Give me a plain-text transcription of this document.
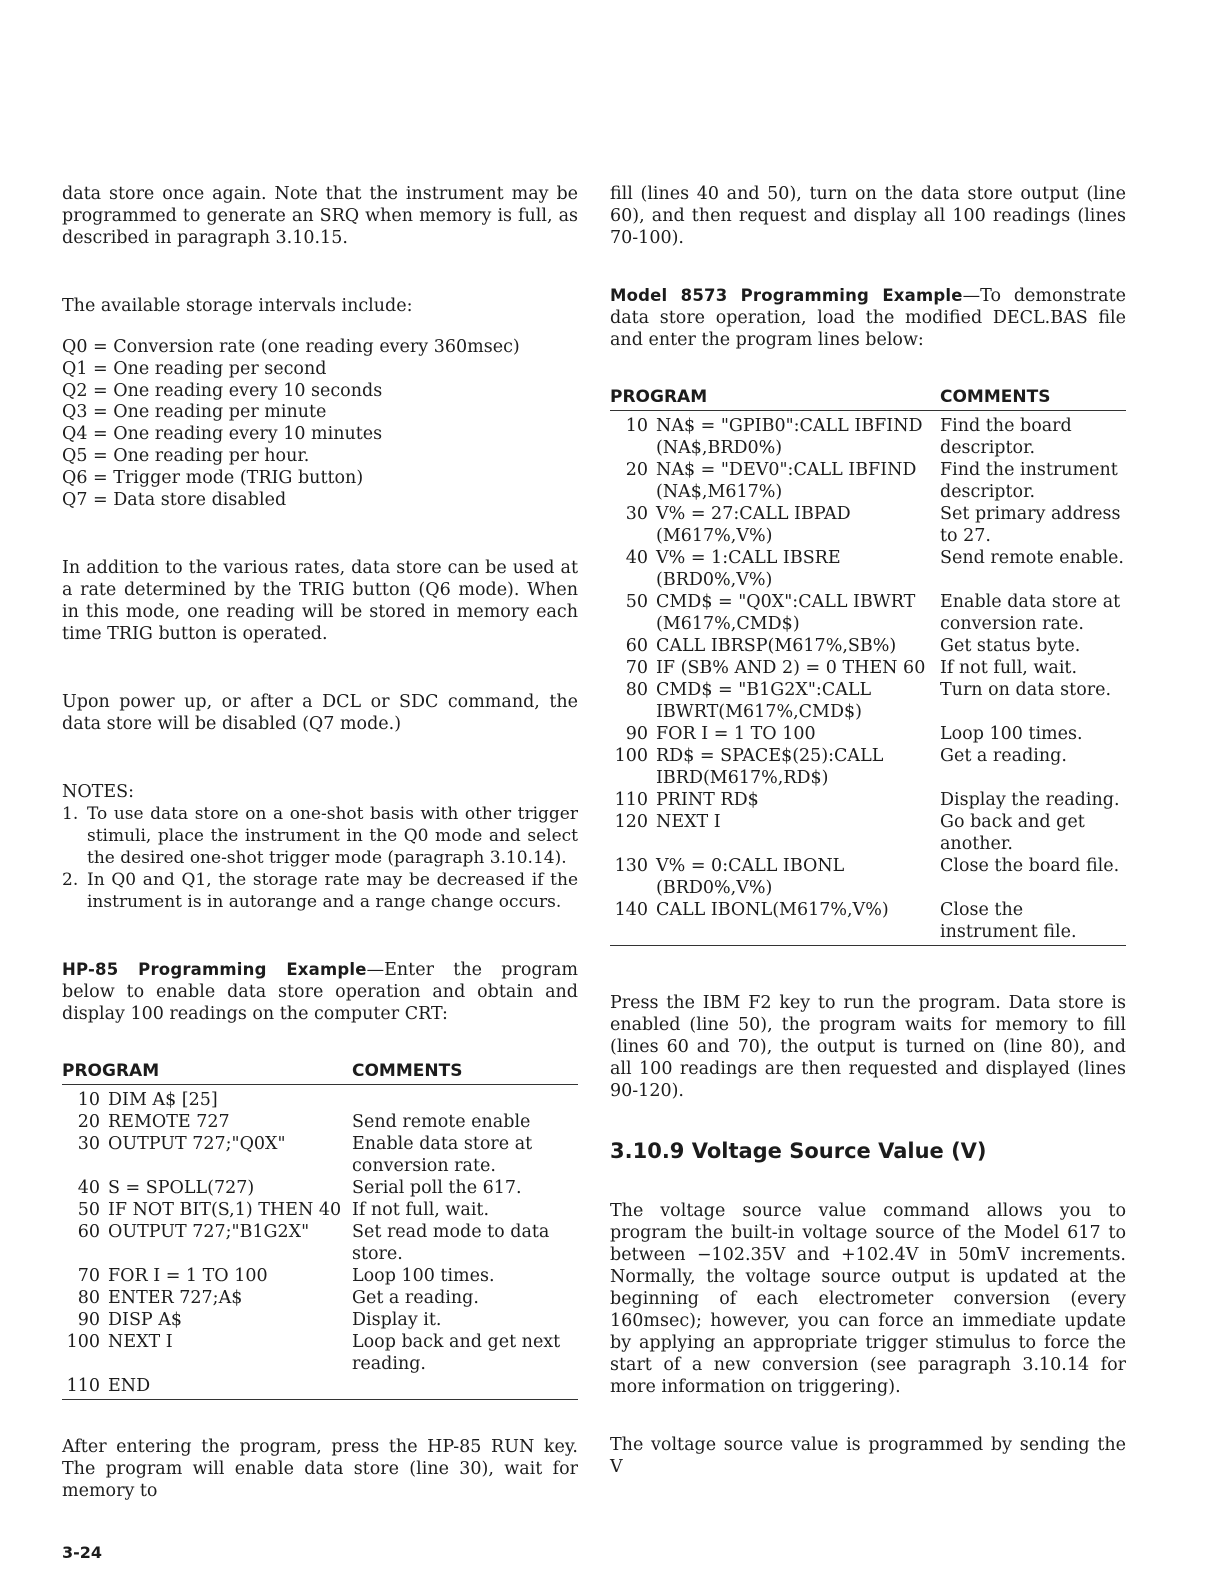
data store once again. Note that the instrument may be programmed to generate an SRQ when memory is full, as described in paragraph 3.10.15.

The available storage intervals include:

Q0 = Conversion rate (one reading every 360msec)
Q1 = One reading per second
Q2 = One reading every 10 seconds
Q3 = One reading per minute
Q4 = One reading every 10 minutes
Q5 = One reading per hour.
Q6 = Trigger mode (TRIG button)
Q7 = Data store disabled

In addition to the various rates, data store can be used at a rate determined by the TRIG button (Q6 mode). When in this mode, one reading will be stored in memory each time TRIG button is operated.

Upon power up, or after a DCL or SDC command, the data store will be disabled (Q7 mode.)

NOTES:
1. To use data store on a one-shot basis with other trigger stimuli, place the instrument in the Q0 mode and select the desired one-shot trigger mode (paragraph 3.10.14).
2. In Q0 and Q1, the storage rate may be decreased if the instrument is in autorange and a range change occurs.

HP-85 Programming Example—Enter the program below to enable data store operation and obtain and display 100 readings on the computer CRT:

PROGRAM		COMMENTS
10	DIM A$ [25]	
20	REMOTE 727	Send remote enable
30	OUTPUT 727;"Q0X"	Enable data store at conversion rate.
40	S = SPOLL(727)	Serial poll the 617.
50	IF NOT BIT(S,1) THEN 40	If not full, wait.
60	OUTPUT 727;"B1G2X"	Set read mode to data store.
70	FOR I = 1 TO 100	Loop 100 times.
80	ENTER 727;A$	Get a reading.
90	DISP A$	Display it.
100	NEXT I	Loop back and get next reading.
110	END	

After entering the program, press the HP-85 RUN key. The program will enable data store (line 30), wait for memory to

fill (lines 40 and 50), turn on the data store output (line 60), and then request and display all 100 readings (lines 70-100).

Model 8573 Programming Example—To demonstrate data store operation, load the modified DECL.BAS file and enter the program lines below:

PROGRAM		COMMENTS
10	NA$ = "GPIB0":CALL IBFIND (NA$,BRD0%)	Find the board descriptor.
20	NA$ = "DEV0":CALL IBFIND (NA$,M617%)	Find the instrument descriptor.
30	V% = 27:CALL IBPAD (M617%,V%)	Set primary address to 27.
40	V% = 1:CALL IBSRE (BRD0%,V%)	Send remote enable.
50	CMD$ = "Q0X":CALL IBWRT (M617%,CMD$)	Enable data store at conversion rate.
60	CALL IBRSP(M617%,SB%)	Get status byte.
70	IF (SB% AND 2) = 0 THEN 60	If not full, wait.
80	CMD$ = "B1G2X":CALL IBWRT(M617%,CMD$)	Turn on data store.
90	FOR I = 1 TO 100	Loop 100 times.
100	RD$ = SPACE$(25):CALL IBRD(M617%,RD$)	Get a reading.
110	PRINT RD$	Display the reading.
120	NEXT I	Go back and get another.
130	V% = 0:CALL IBONL (BRD0%,V%)	Close the board file.
140	CALL IBONL(M617%,V%)	Close the instrument file.

Press the IBM F2 key to run the program. Data store is enabled (line 50), the program waits for memory to fill (lines 60 and 70), the output is turned on (line 80), and all 100 readings are then requested and displayed (lines 90-120).

3.10.9 Voltage Source Value (V)

The voltage source value command allows you to program the built-in voltage source of the Model 617 to between −102.35V and +102.4V in 50mV increments. Normally, the voltage source output is updated at the beginning of each electrometer conversion (every 160msec); however, you can force an immediate update by applying an appropriate trigger stimulus to force the start of a new conversion (see paragraph 3.10.14 for more information on triggering).

The voltage source value is programmed by sending the V

3-24
